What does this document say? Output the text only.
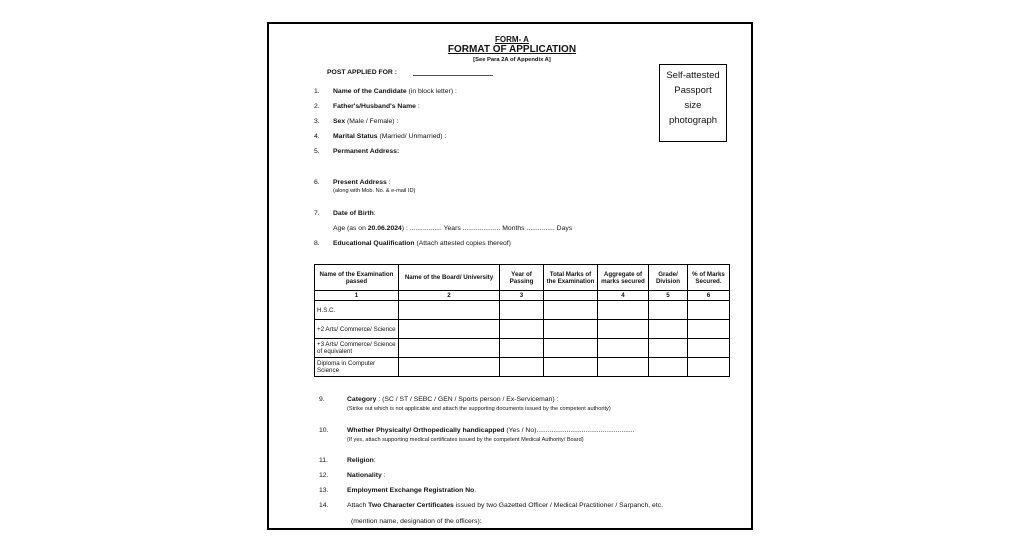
FORM- A
FORMAT OF APPLICATION
[See Para 2A of Appendix A]
POST APPLIED FOR :	Self-attested
Passport
size
photograph
1. Name of the Candidate (in block letter) :
2. Father's/Husband's Name :
3. Sex (Male / Female) :
4. Marital Status (Married/ Unmarried) :
5. Permanent Address:
6. Present Address :
(along with Mob. No. & e-mail ID)
7. Date of Birth:
Age (as on 20.06.2024) : ................. Years .................... Months ............... Days
8. Educational Qualification (Attach attested copies thereof)
Name of the Examination passed	Name of the Board/ University	Year of Passing	Total Marks of the Examination	Aggregate of marks secured	Grade/ Division	% of Marks Secured.
1	2	3		4	5	6
H.S.C.						
+2 Arts/ Commerce/ Science						
+3 Arts/ Commerce/ Science of equivalent						
Diploma in Computer Science						
9.	Category : (SC / ST / SEBC / GEN / Sports person / Ex-Serviceman) :
(Strike out which is not applicable and attach the supporting documents issued by the competent authority)
10.	Whether Physically/ Orthopedically handicapped (Yes / No)....................................................
(If yes, attach supporting medical certificates issued by the competent Medical Authority/ Board)
11.	Religion:
12.	Nationality :
13.	Employment Exchange Registration No.
14.	Attach Two Character Certificates issued by two Gazetted Officer / Medical Practitioner / Sarpanch, etc.
(mention name, designation of the officers):
